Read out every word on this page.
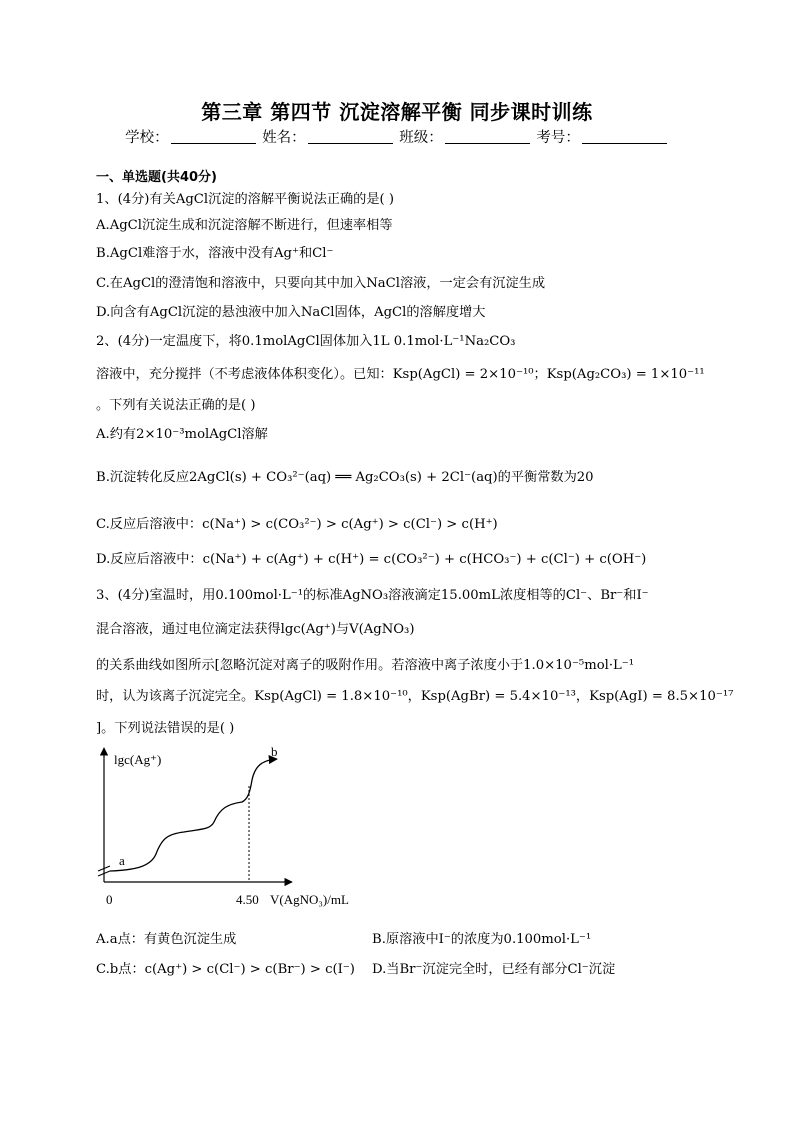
第三章 第四节 沉淀溶解平衡 同步课时训练
学校：	姓名：	班级：	考号：
一、单选题(共40分)
1、(4分)有关AgCl沉淀的溶解平衡说法正确的是( )
A.AgCl沉淀生成和沉淀溶解不断进行，但速率相等
B.AgCl难溶于水，溶液中没有Ag⁺和Cl⁻
C.在AgCl的澄清饱和溶液中，只要向其中加入NaCl溶液，一定会有沉淀生成
D.向含有AgCl沉淀的悬浊液中加入NaCl固体，AgCl的溶解度增大
2、(4分)一定温度下，将0.1molAgCl固体加入1L 0.1mol·L⁻¹Na₂CO₃
溶液中，充分搅拌（不考虑液体体积变化）。已知：Ksp(AgCl) = 2×10⁻¹⁰；Ksp(Ag₂CO₃) = 1×10⁻¹¹
。下列有关说法正确的是( )
A.约有2×10⁻³molAgCl溶解
B.沉淀转化反应2AgCl(s) + CO₃²⁻(aq) ══ Ag₂CO₃(s) + 2Cl⁻(aq)的平衡常数为20
C.反应后溶液中：c(Na⁺) > c(CO₃²⁻) > c(Ag⁺) > c(Cl⁻) > c(H⁺)
D.反应后溶液中：c(Na⁺) + c(Ag⁺) + c(H⁺) = c(CO₃²⁻) + c(HCO₃⁻) + c(Cl⁻) + c(OH⁻)
3、(4分)室温时，用0.100mol·L⁻¹的标准AgNO₃溶液滴定15.00mL浓度相等的Cl⁻、Br⁻和I⁻
混合溶液，通过电位滴定法获得lgc(Ag⁺)与V(AgNO₃)
的关系曲线如图所示[忽略沉淀对离子的吸附作用。若溶液中离子浓度小于1.0×10⁻⁵mol·L⁻¹
时，认为该离子沉淀完全。Ksp(AgCl) = 1.8×10⁻¹⁰，Ksp(AgBr) = 5.4×10⁻¹³，Ksp(AgI) = 8.5×10⁻¹⁷
]。下列说法错误的是( )
lgc(Ag⁺)
a
b
0	4.50 V(AgNO₃)/mL
A.a点：有黄色沉淀生成	B.原溶液中I⁻的浓度为0.100mol·L⁻¹
C.b点：c(Ag⁺) > c(Cl⁻) > c(Br⁻) > c(I⁻) D.当Br⁻沉淀完全时，已经有部分Cl⁻沉淀
